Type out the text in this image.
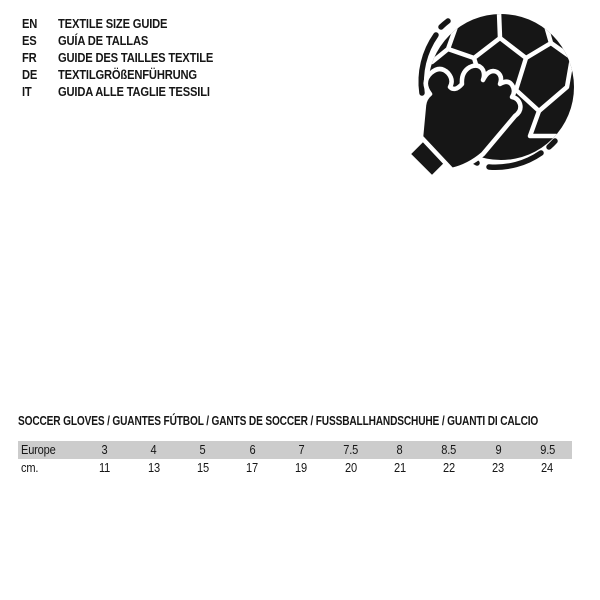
EN TEXTILE SIZE GUIDE
ES GUÍA DE TALLAS
FR GUIDE DES TAILLES TEXTILE
DE TEXTILGRÖßENFÜHRUNG
IT GUIDA ALLE TAGLIE TESSILI
SOCCER GLOVES / GUANTES FÚTBOL / GANTS DE SOCCER / FUSSBALLHANDSCHUHE / GUANTI DI CALCIO
Europe	3	4	5	6	7	7.5	8	8.5	9	9.5
cm.	11	13	15	17	19	20	21	22	23	24
